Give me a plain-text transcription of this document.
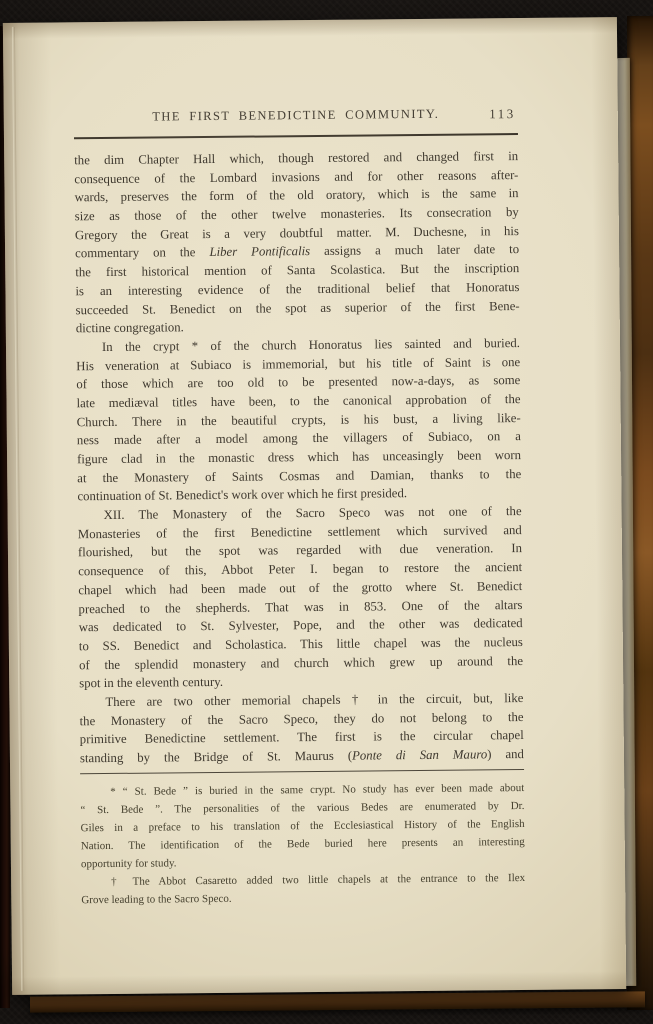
THE FIRST BENEDICTINE COMMUNITY.	113
the dim Chapter Hall which, though restored and changed first in
consequence of the Lombard invasions and for other reasons after-
wards, preserves the form of the old oratory, which is the same in
size as those of the other twelve monasteries. Its consecration by
Gregory the Great is a very doubtful matter. M. Duchesne, in his
commentary on the Liber Pontificalis assigns a much later date to
the first historical mention of Santa Scolastica. But the inscription
is an interesting evidence of the traditional belief that Honoratus
succeeded St. Benedict on the spot as superior of the first Bene-
dictine congregation.
In the crypt * of the church Honoratus lies sainted and buried.
His veneration at Subiaco is immemorial, but his title of Saint is one
of those which are too old to be presented now-a-days, as some
late mediæval titles have been, to the canonical approbation of the
Church. There in the beautiful crypts, is his bust, a living like-
ness made after a model among the villagers of Subiaco, on a
figure clad in the monastic dress which has unceasingly been worn
at the Monastery of Saints Cosmas and Damian, thanks to the
continuation of St. Benedict's work over which he first presided.
XII. The Monastery of the Sacro Speco was not one of the
Monasteries of the first Benedictine settlement which survived and
flourished, but the spot was regarded with due veneration. In
consequence of this, Abbot Peter I. began to restore the ancient
chapel which had been made out of the grotto where St. Benedict
preached to the shepherds. That was in 853. One of the altars
was dedicated to St. Sylvester, Pope, and the other was dedicated
to SS. Benedict and Scholastica. This little chapel was the nucleus
of the splendid monastery and church which grew up around the
spot in the eleventh century.
There are two other memorial chapels † in the circuit, but, like
the Monastery of the Sacro Speco, they do not belong to the
primitive Benedictine settlement. The first is the circular chapel
standing by the Bridge of St. Maurus (Ponte di San Mauro) and
* “ St. Bede ” is buried in the same crypt. No study has ever been made about
“ St. Bede ”. The personalities of the various Bedes are enumerated by Dr.
Giles in a preface to his translation of the Ecclesiastical History of the English
Nation. The identification of the Bede buried here presents an interesting
opportunity for study.
† The Abbot Casaretto added two little chapels at the entrance to the Ilex
Grove leading to the Sacro Speco.
